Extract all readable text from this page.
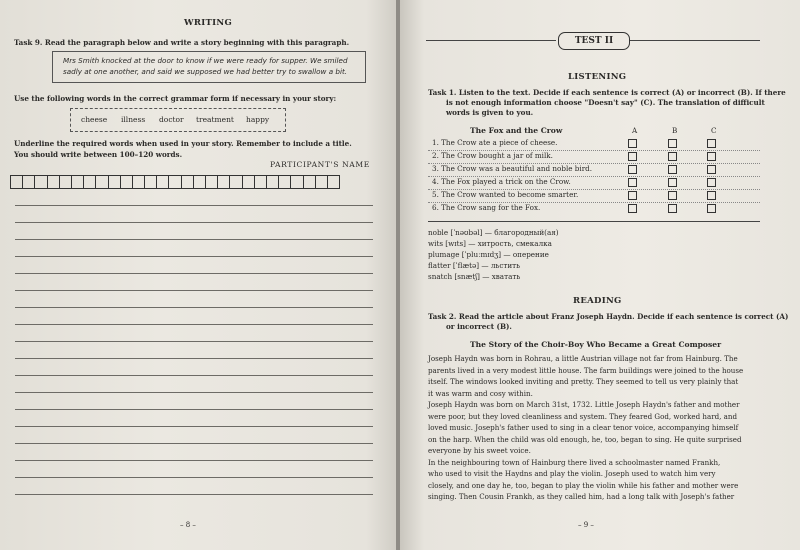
WRITING
Task 9. Read the paragraph below and write a story beginning with this paragraph.
Mrs Smith knocked at the door to know if we were ready for supper. We smiled
sadly at one another, and said we supposed we had better try to swallow a bit.
Use the following words in the correct grammar form if necessary in your story:
cheese illness doctor treatment happy
Underline the required words when used in your story. Remember to include a title.
You should write between 100–120 words.
PARTICIPANT'S NAME
– 8 –
TEST II
LISTENING
Task 1. Listen to the text. Decide if each sentence is correct (A) or incorrect (B). If there
is not enough information choose "Doesn't say" (C). The translation of difficult
words is given to you.
The Fox and the Crow	A	B	C
1. The Crow ate a piece of cheese.
2. The Crow bought a jar of milk.
3. The Crow was a beautiful and noble bird.
4. The Fox played a trick on the Crow.
5. The Crow wanted to become smarter.
6. The Crow sang for the Fox.
noble [ˈnəʊbəl] — благородный(ая)
wits [wɪts] — хитрость, смекалка
plumage [ˈpluːmɪdʒ] — оперение
flatter [ˈflætə] — льстить
snatch [snætʃ] — хватать
READING
Task 2. Read the article about Franz Joseph Haydn. Decide if each sentence is correct (A)
or incorrect (B).
The Story of the Choir-Boy Who Became a Great Composer
Joseph Haydn was born in Rohrau, a little Austrian village not far from Hainburg. The
parents lived in a very modest little house. The farm buildings were joined to the house
itself. The windows looked inviting and pretty. They seemed to tell us very plainly that
it was warm and cosy within.
Joseph Haydn was born on March 31st, 1732. Little Joseph Haydn's father and mother
were poor, but they loved cleanliness and system. They feared God, worked hard, and
loved music. Joseph's father used to sing in a clear tenor voice, accompanying himself
on the harp. When the child was old enough, he, too, began to sing. He quite surprised
everyone by his sweet voice.
In the neighbouring town of Hainburg there lived a schoolmaster named Frankh,
who used to visit the Haydns and play the violin. Joseph used to watch him very
closely, and one day he, too, began to play the violin while his father and mother were
singing. Then Cousin Frankh, as they called him, had a long talk with Joseph's father
– 9 –
